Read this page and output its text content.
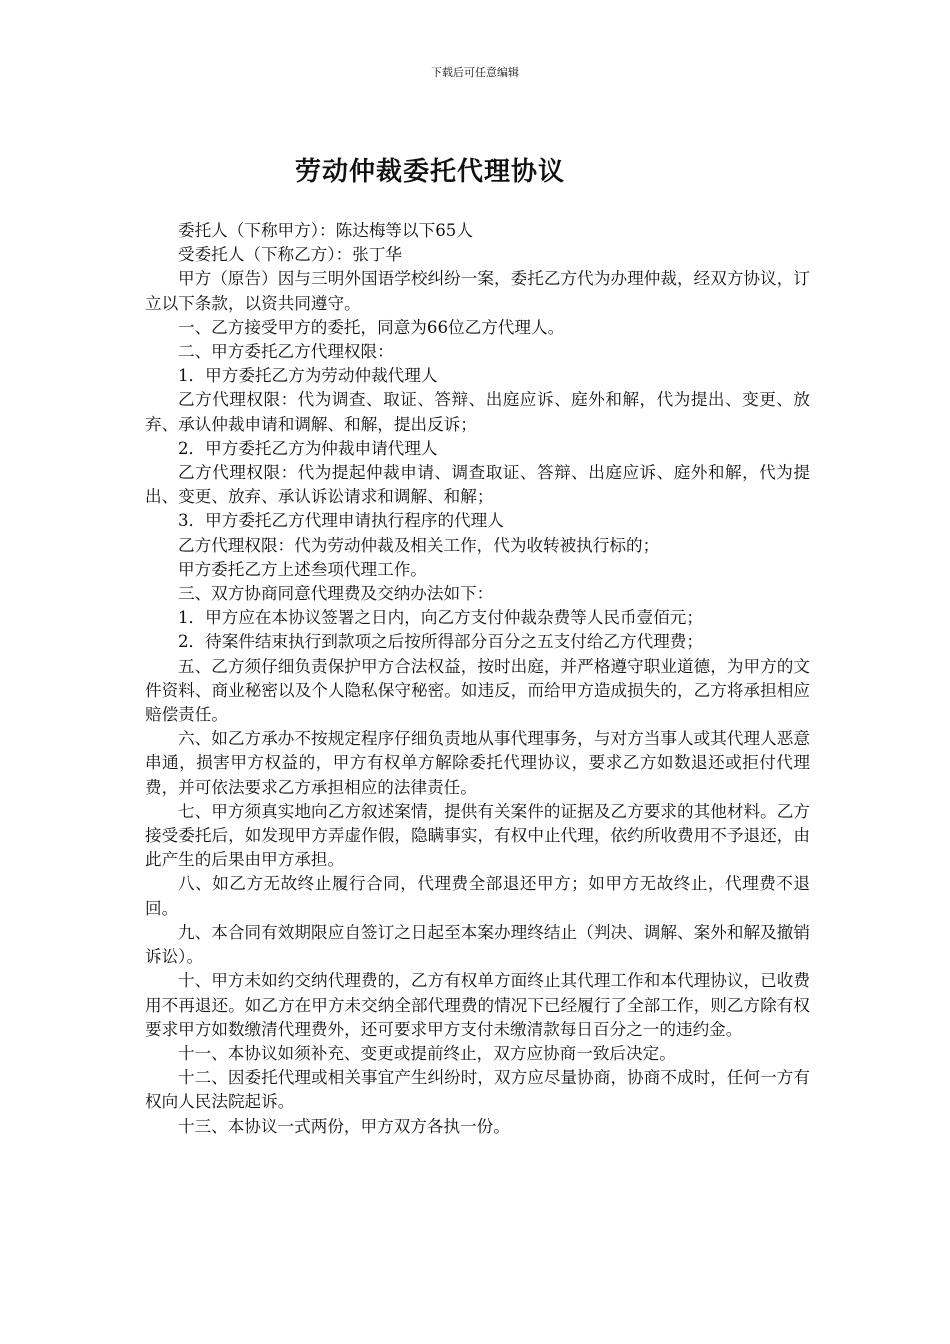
下载后可任意编辑
劳动仲裁委托代理协议

委托人（下称甲方）：陈达梅等以下65人

受委托人（下称乙方）：张丁华

甲方（原告）因与三明外国语学校纠纷一案，委托乙方代为办理仲裁，经双方协议，订立以下条款，以资共同遵守。

一、乙方接受甲方的委托，同意为66位乙方代理人。

二、甲方委托乙方代理权限：

1．甲方委托乙方为劳动仲裁代理人

乙方代理权限：代为调查、取证、答辩、出庭应诉、庭外和解，代为提出、变更、放弃、承认仲裁申请和调解、和解，提出反诉；

2．甲方委托乙方为仲裁申请代理人

乙方代理权限：代为提起仲裁申请、调查取证、答辩、出庭应诉、庭外和解，代为提出、变更、放弃、承认诉讼请求和调解、和解；

3．甲方委托乙方代理申请执行程序的代理人

乙方代理权限：代为劳动仲裁及相关工作，代为收转被执行标的；

甲方委托乙方上述叁项代理工作。

三、双方协商同意代理费及交纳办法如下：

1．甲方应在本协议签署之日内，向乙方支付仲裁杂费等人民币壹佰元；

2．待案件结束执行到款项之后按所得部分百分之五支付给乙方代理费；

五、乙方须仔细负责保护甲方合法权益，按时出庭，并严格遵守职业道德，为甲方的文件资料、商业秘密以及个人隐私保守秘密。如违反，而给甲方造成损失的，乙方将承担相应赔偿责任。

六、如乙方承办不按规定程序仔细负责地从事代理事务，与对方当事人或其代理人恶意串通，损害甲方权益的，甲方有权单方解除委托代理协议，要求乙方如数退还或拒付代理费，并可依法要求乙方承担相应的法律责任。

七、甲方须真实地向乙方叙述案情，提供有关案件的证据及乙方要求的其他材料。乙方接受委托后，如发现甲方弄虚作假，隐瞒事实，有权中止代理，依约所收费用不予退还，由此产生的后果由甲方承担。

八、如乙方无故终止履行合同，代理费全部退还甲方；如甲方无故终止，代理费不退回。

九、本合同有效期限应自签订之日起至本案办理终结止（判决、调解、案外和解及撤销诉讼）。

十、甲方未如约交纳代理费的，乙方有权单方面终止其代理工作和本代理协议，已收费用不再退还。如乙方在甲方未交纳全部代理费的情况下已经履行了全部工作，则乙方除有权要求甲方如数缴清代理费外，还可要求甲方支付未缴清款每日百分之一的违约金。

十一、本协议如须补充、变更或提前终止，双方应协商一致后决定。

十二、因委托代理或相关事宜产生纠纷时，双方应尽量协商，协商不成时，任何一方有权向人民法院起诉。

十三、本协议一式两份，甲方双方各执一份。
